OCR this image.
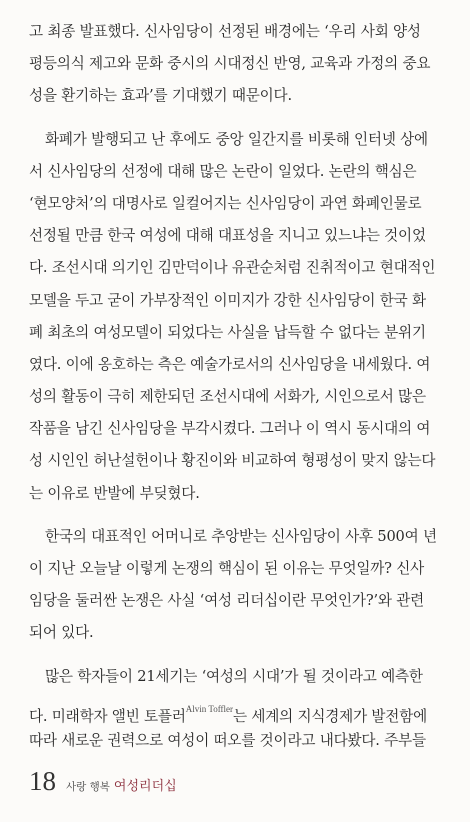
고 최종 발표했다. 신사임당이 선정된 배경에는 ‘우리 사회 양성
평등의식 제고와 문화 중시의 시대정신 반영, 교육과 가정의 중요
성을 환기하는 효과’를 기대했기 때문이다.
화폐가 발행되고 난 후에도 중앙 일간지를 비롯해 인터넷 상에
서 신사임당의 선정에 대해 많은 논란이 일었다. 논란의 핵심은
‘현모양처’의 대명사로 일컬어지는 신사임당이 과연 화폐인물로
선정될 만큼 한국 여성에 대해 대표성을 지니고 있느냐는 것이었
다. 조선시대 의기인 김만덕이나 유관순처럼 진취적이고 현대적인
모델을 두고 굳이 가부장적인 이미지가 강한 신사임당이 한국 화
폐 최초의 여성모델이 되었다는 사실을 납득할 수 없다는 분위기
였다. 이에 옹호하는 측은 예술가로서의 신사임당을 내세웠다. 여
성의 활동이 극히 제한되던 조선시대에 서화가, 시인으로서 많은
작품을 남긴 신사임당을 부각시켰다. 그러나 이 역시 동시대의 여
성 시인인 허난설헌이나 황진이와 비교하여 형평성이 맞지 않는다
는 이유로 반발에 부딪혔다.
한국의 대표적인 어머니로 추앙받는 신사임당이 사후 500여 년
이 지난 오늘날 이렇게 논쟁의 핵심이 된 이유는 무엇일까? 신사
임당을 둘러싼 논쟁은 사실 ‘여성 리더십이란 무엇인가?’와 관련
되어 있다.
많은 학자들이 21세기는 ‘여성의 시대’가 될 것이라고 예측한
다. 미래학자 앨빈 토플러$^{Alvin Toffler}$는 세계의 지식경제가 발전함에
따라 새로운 권력으로 여성이 떠오를 것이라고 내다봤다. 주부들
18 사랑 행복 여성리더십
